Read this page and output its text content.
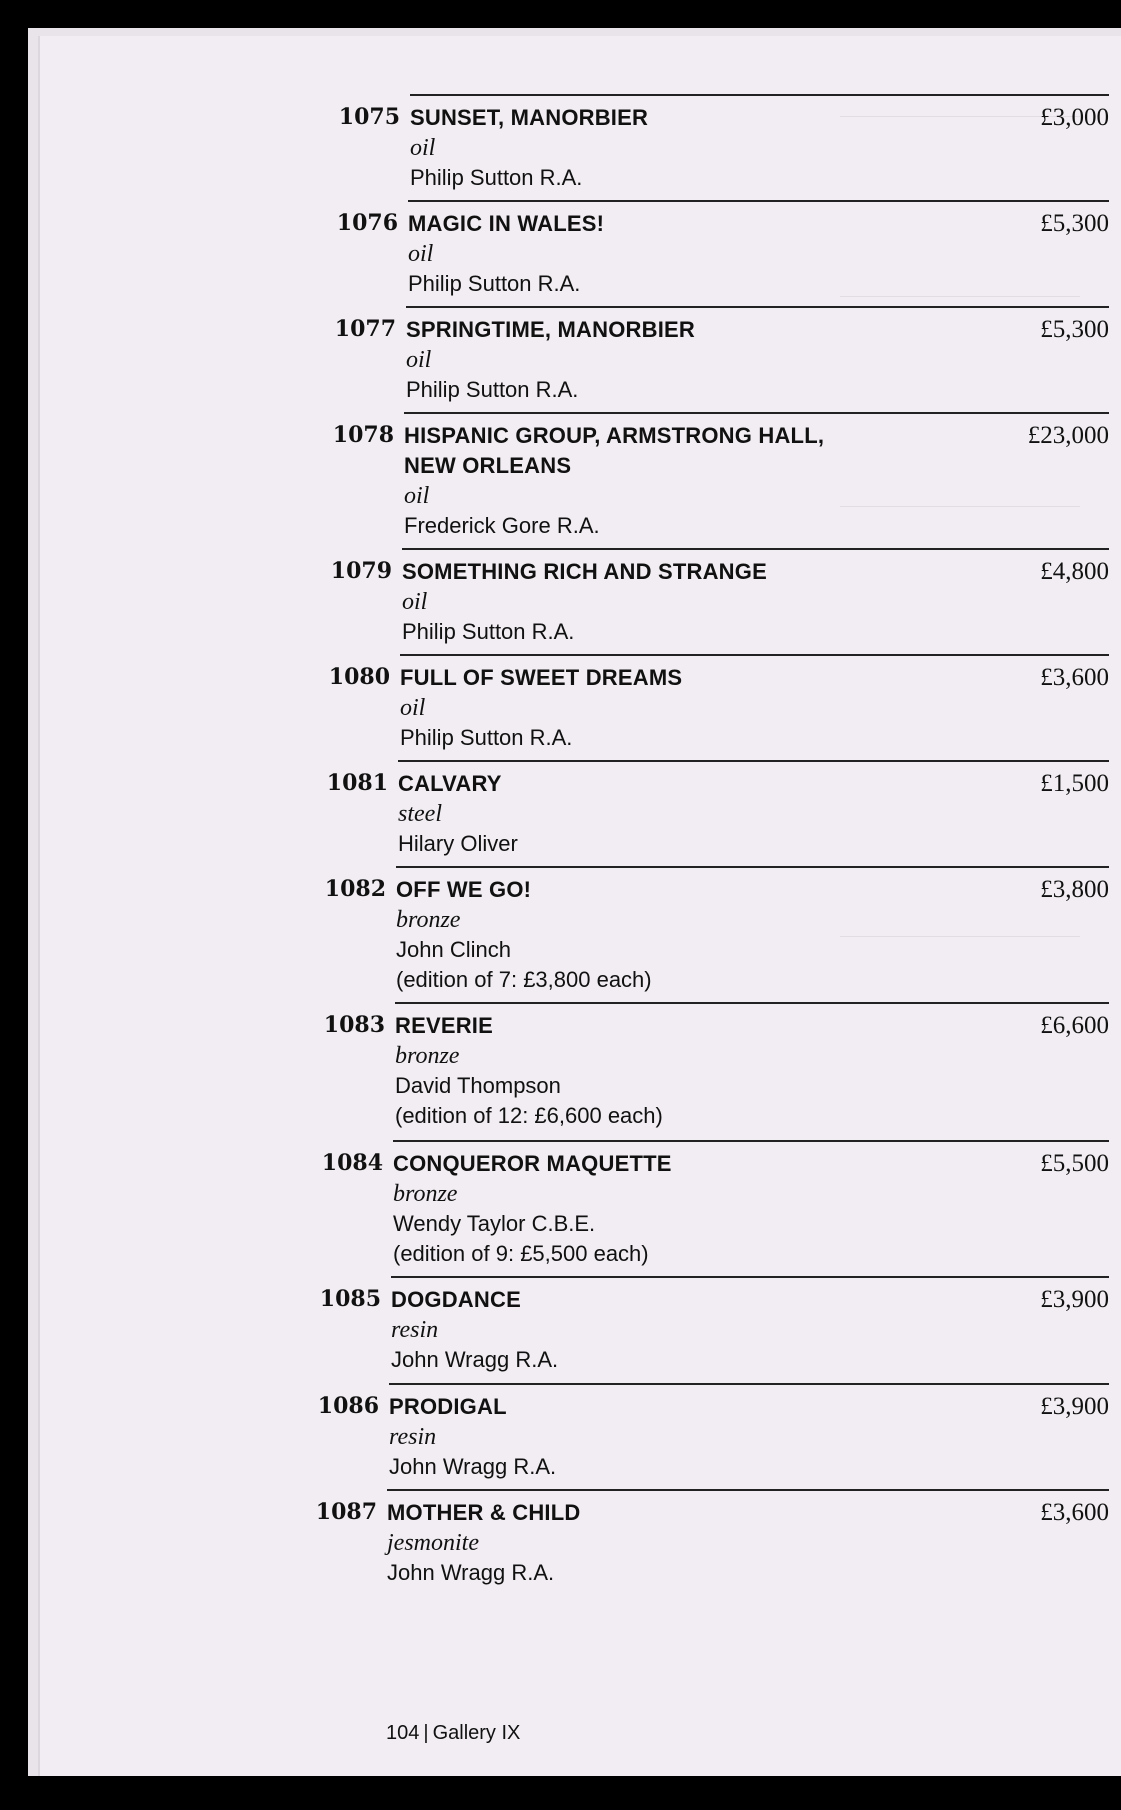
1075 SUNSET, MANORBIER
oil
Philip Sutton R.A.
£3,000
1076 MAGIC IN WALES!
oil
Philip Sutton R.A.
£5,300
1077 SPRINGTIME, MANORBIER
oil
Philip Sutton R.A.
£5,300
1078 HISPANIC GROUP, ARMSTRONG HALL,
NEW ORLEANS
oil
Frederick Gore R.A.
£23,000
1079 SOMETHING RICH AND STRANGE
oil
Philip Sutton R.A.
£4,800
1080 FULL OF SWEET DREAMS
oil
Philip Sutton R.A.
£3,600
1081 CALVARY
steel
Hilary Oliver
£1,500
1082 OFF WE GO!
bronze
John Clinch
(edition of 7: £3,800 each)
£3,800
1083 REVERIE
bronze
David Thompson
(edition of 12: £6,600 each)
£6,600
1084 CONQUEROR MAQUETTE
bronze
Wendy Taylor C.B.E.
(edition of 9: £5,500 each)
£5,500
1085 DOGDANCE
resin
John Wragg R.A.
£3,900
1086 PRODIGAL
resin
John Wragg R.A.
£3,900
1087 MOTHER & CHILD
jesmonite
John Wragg R.A.
£3,600
104 | Gallery IX
